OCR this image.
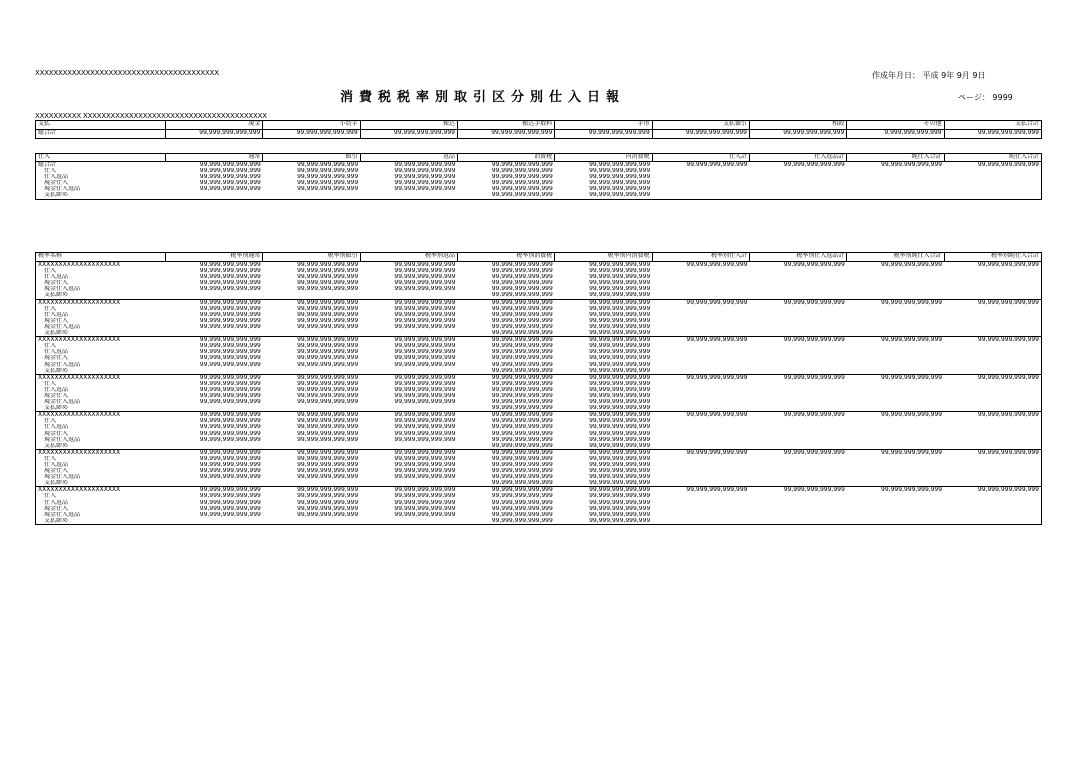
XXXXXXXXXXXXXXXXXXXXXXXXXXXXXXXXXXXXXXXX
消費税税率別取引区分別仕入日報
作成年月日： 平成 9年 9月 9日
ページ： 9999
XXXXXXXXXX XXXXXXXXXXXXXXXXXXXXXXXXXXXXXXXXXXXXXXXX
支払	現金	小切手	振込	振込手数料	手形	支払値引	相殺	その他	支払合計
総合計	99,999,999,999,999	99,999,999,999,999	99,999,999,999,999	99,999,999,999,999	99,999,999,999,999	99,999,999,999,999	99,999,999,999,999	9,999,999,999,999	99,999,999,999,999
仕入	通常	値引	返品	消費税	内消費税	仕入計	仕入返品計	純仕入合計	純仕入合計
総合計	99,999,999,999,999	99,999,999,999,999	99,999,999,999,999	99,999,999,999,999	99,999,999,999,999	99,999,999,999,999	99,999,999,999,999	99,999,999,999,999	99,999,999,999,999
仕入	99,999,999,999,999	99,999,999,999,999	99,999,999,999,999	99,999,999,999,999	99,999,999,999,999				
仕入返品	99,999,999,999,999	99,999,999,999,999	99,999,999,999,999	99,999,999,999,999	99,999,999,999,999				
現金仕入	99,999,999,999,999	99,999,999,999,999	99,999,999,999,999	99,999,999,999,999	99,999,999,999,999				
現金仕入返品	99,999,999,999,999	99,999,999,999,999	99,999,999,999,999	99,999,999,999,999	99,999,999,999,999				
支払締め				99,999,999,999,999	99,999,999,999,999				
税率名称	税率別通常	税率別値引	税率別返品	税率別消費税	税率別内消費税	税率別仕入計	税率別仕入返品計	税率別純仕入合計	税率別純仕入合計
XXXXXXXXXXXXXXXXXXXX	99,999,999,999,999	99,999,999,999,999	99,999,999,999,999	99,999,999,999,999	99,999,999,999,999	99,999,999,999,999	99,999,999,999,999	99,999,999,999,999	99,999,999,999,999
仕入	99,999,999,999,999	99,999,999,999,999	99,999,999,999,999	99,999,999,999,999	99,999,999,999,999				
仕入返品	99,999,999,999,999	99,999,999,999,999	99,999,999,999,999	99,999,999,999,999	99,999,999,999,999				
現金仕入	99,999,999,999,999	99,999,999,999,999	99,999,999,999,999	99,999,999,999,999	99,999,999,999,999				
現金仕入返品	99,999,999,999,999	99,999,999,999,999	99,999,999,999,999	99,999,999,999,999	99,999,999,999,999				
支払締め				99,999,999,999,999	99,999,999,999,999				
XXXXXXXXXXXXXXXXXXXX	99,999,999,999,999	99,999,999,999,999	99,999,999,999,999	99,999,999,999,999	99,999,999,999,999	99,999,999,999,999	99,999,999,999,999	99,999,999,999,999	99,999,999,999,999
仕入	99,999,999,999,999	99,999,999,999,999	99,999,999,999,999	99,999,999,999,999	99,999,999,999,999				
仕入返品	99,999,999,999,999	99,999,999,999,999	99,999,999,999,999	99,999,999,999,999	99,999,999,999,999				
現金仕入	99,999,999,999,999	99,999,999,999,999	99,999,999,999,999	99,999,999,999,999	99,999,999,999,999				
現金仕入返品	99,999,999,999,999	99,999,999,999,999	99,999,999,999,999	99,999,999,999,999	99,999,999,999,999				
支払締め				99,999,999,999,999	99,999,999,999,999				
XXXXXXXXXXXXXXXXXXXX	99,999,999,999,999	99,999,999,999,999	99,999,999,999,999	99,999,999,999,999	99,999,999,999,999	99,999,999,999,999	99,999,999,999,999	99,999,999,999,999	99,999,999,999,999
仕入	99,999,999,999,999	99,999,999,999,999	99,999,999,999,999	99,999,999,999,999	99,999,999,999,999				
仕入返品	99,999,999,999,999	99,999,999,999,999	99,999,999,999,999	99,999,999,999,999	99,999,999,999,999				
現金仕入	99,999,999,999,999	99,999,999,999,999	99,999,999,999,999	99,999,999,999,999	99,999,999,999,999				
現金仕入返品	99,999,999,999,999	99,999,999,999,999	99,999,999,999,999	99,999,999,999,999	99,999,999,999,999				
支払締め				99,999,999,999,999	99,999,999,999,999				
XXXXXXXXXXXXXXXXXXXX	99,999,999,999,999	99,999,999,999,999	99,999,999,999,999	99,999,999,999,999	99,999,999,999,999	99,999,999,999,999	99,999,999,999,999	99,999,999,999,999	99,999,999,999,999
仕入	99,999,999,999,999	99,999,999,999,999	99,999,999,999,999	99,999,999,999,999	99,999,999,999,999				
仕入返品	99,999,999,999,999	99,999,999,999,999	99,999,999,999,999	99,999,999,999,999	99,999,999,999,999				
現金仕入	99,999,999,999,999	99,999,999,999,999	99,999,999,999,999	99,999,999,999,999	99,999,999,999,999				
現金仕入返品	99,999,999,999,999	99,999,999,999,999	99,999,999,999,999	99,999,999,999,999	99,999,999,999,999				
支払締め				99,999,999,999,999	99,999,999,999,999				
XXXXXXXXXXXXXXXXXXXX	99,999,999,999,999	99,999,999,999,999	99,999,999,999,999	99,999,999,999,999	99,999,999,999,999	99,999,999,999,999	99,999,999,999,999	99,999,999,999,999	99,999,999,999,999
仕入	99,999,999,999,999	99,999,999,999,999	99,999,999,999,999	99,999,999,999,999	99,999,999,999,999				
仕入返品	99,999,999,999,999	99,999,999,999,999	99,999,999,999,999	99,999,999,999,999	99,999,999,999,999				
現金仕入	99,999,999,999,999	99,999,999,999,999	99,999,999,999,999	99,999,999,999,999	99,999,999,999,999				
現金仕入返品	99,999,999,999,999	99,999,999,999,999	99,999,999,999,999	99,999,999,999,999	99,999,999,999,999				
支払締め				99,999,999,999,999	99,999,999,999,999				
XXXXXXXXXXXXXXXXXXXX	99,999,999,999,999	99,999,999,999,999	99,999,999,999,999	99,999,999,999,999	99,999,999,999,999	99,999,999,999,999	99,999,999,999,999	99,999,999,999,999	99,999,999,999,999
仕入	99,999,999,999,999	99,999,999,999,999	99,999,999,999,999	99,999,999,999,999	99,999,999,999,999				
仕入返品	99,999,999,999,999	99,999,999,999,999	99,999,999,999,999	99,999,999,999,999	99,999,999,999,999				
現金仕入	99,999,999,999,999	99,999,999,999,999	99,999,999,999,999	99,999,999,999,999	99,999,999,999,999				
現金仕入返品	99,999,999,999,999	99,999,999,999,999	99,999,999,999,999	99,999,999,999,999	99,999,999,999,999				
支払締め				99,999,999,999,999	99,999,999,999,999				
XXXXXXXXXXXXXXXXXXXX	99,999,999,999,999	99,999,999,999,999	99,999,999,999,999	99,999,999,999,999	99,999,999,999,999	99,999,999,999,999	99,999,999,999,999	99,999,999,999,999	99,999,999,999,999
仕入	99,999,999,999,999	99,999,999,999,999	99,999,999,999,999	99,999,999,999,999	99,999,999,999,999				
仕入返品	99,999,999,999,999	99,999,999,999,999	99,999,999,999,999	99,999,999,999,999	99,999,999,999,999				
現金仕入	99,999,999,999,999	99,999,999,999,999	99,999,999,999,999	99,999,999,999,999	99,999,999,999,999				
現金仕入返品	99,999,999,999,999	99,999,999,999,999	99,999,999,999,999	99,999,999,999,999	99,999,999,999,999				
支払締め				99,999,999,999,999	99,999,999,999,999				
